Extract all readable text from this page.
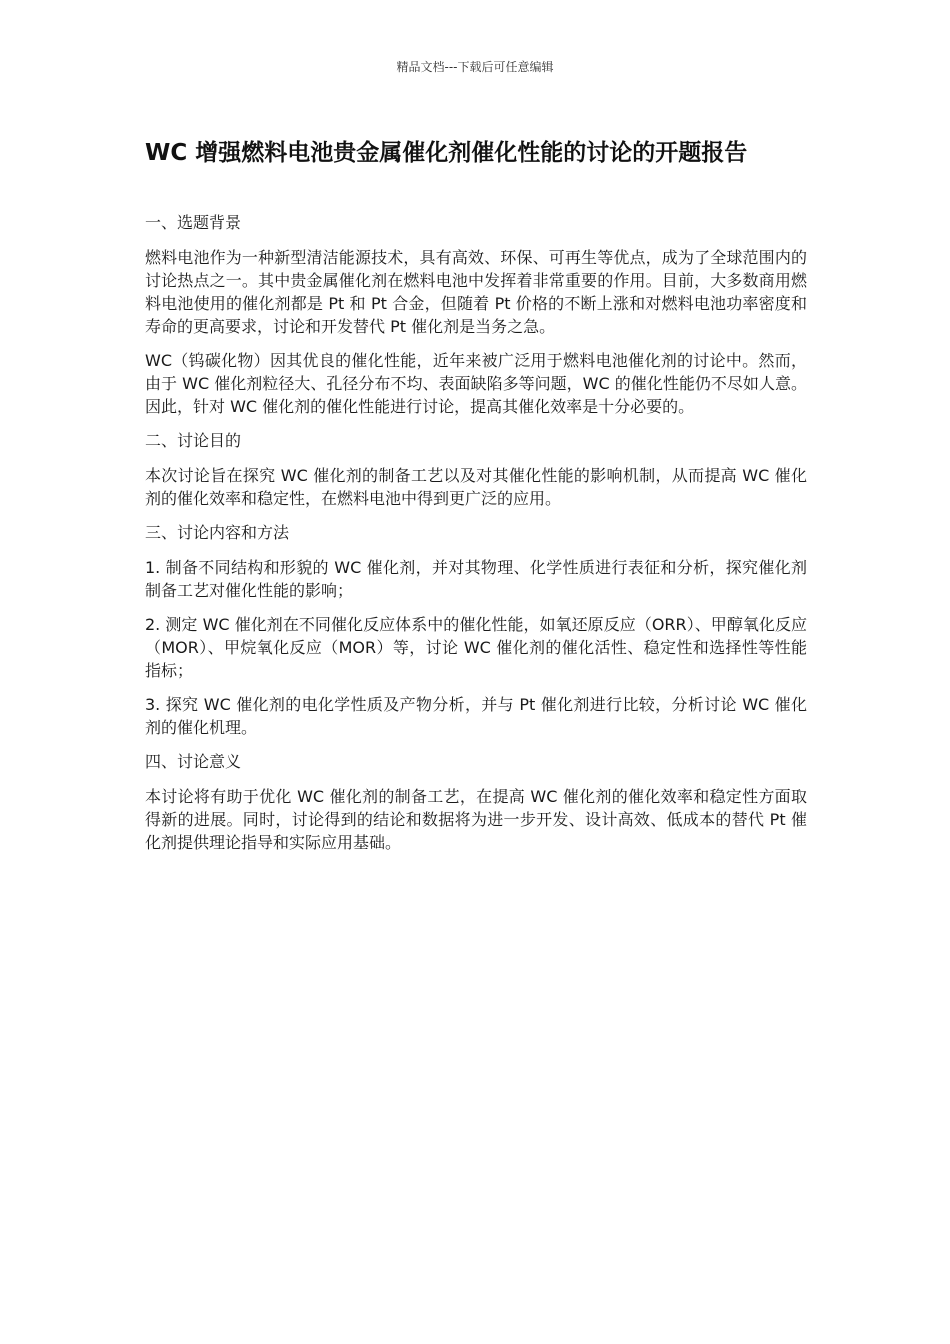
精品文档---下载后可任意编辑
WC 增强燃料电池贵金属催化剂催化性能的讨论的开题报告

一、选题背景

燃料电池作为一种新型清洁能源技术，具有高效、环保、可再生等优点，成为了全球范围内的讨论热点之一。其中贵金属催化剂在燃料电池中发挥着非常重要的作用。目前，大多数商用燃料电池使用的催化剂都是 Pt 和 Pt 合金，但随着 Pt 价格的不断上涨和对燃料电池功率密度和寿命的更高要求，讨论和开发替代 Pt 催化剂是当务之急。

WC（钨碳化物）因其优良的催化性能，近年来被广泛用于燃料电池催化剂的讨论中。然而，由于 WC 催化剂粒径大、孔径分布不均、表面缺陷多等问题，WC 的催化性能仍不尽如人意。因此，针对 WC 催化剂的催化性能进行讨论，提高其催化效率是十分必要的。

二、讨论目的

本次讨论旨在探究 WC 催化剂的制备工艺以及对其催化性能的影响机制，从而提高 WC 催化剂的催化效率和稳定性，在燃料电池中得到更广泛的应用。

三、讨论内容和方法

1. 制备不同结构和形貌的 WC 催化剂，并对其物理、化学性质进行表征和分析，探究催化剂制备工艺对催化性能的影响；

2. 测定 WC 催化剂在不同催化反应体系中的催化性能，如氧还原反应（ORR）、甲醇氧化反应（MOR）、甲烷氧化反应（MOR）等，讨论 WC 催化剂的催化活性、稳定性和选择性等性能指标；

3. 探究 WC 催化剂的电化学性质及产物分析，并与 Pt 催化剂进行比较，分析讨论 WC 催化剂的催化机理。

四、讨论意义

本讨论将有助于优化 WC 催化剂的制备工艺，在提高 WC 催化剂的催化效率和稳定性方面取得新的进展。同时，讨论得到的结论和数据将为进一步开发、设计高效、低成本的替代 Pt 催化剂提供理论指导和实际应用基础。
